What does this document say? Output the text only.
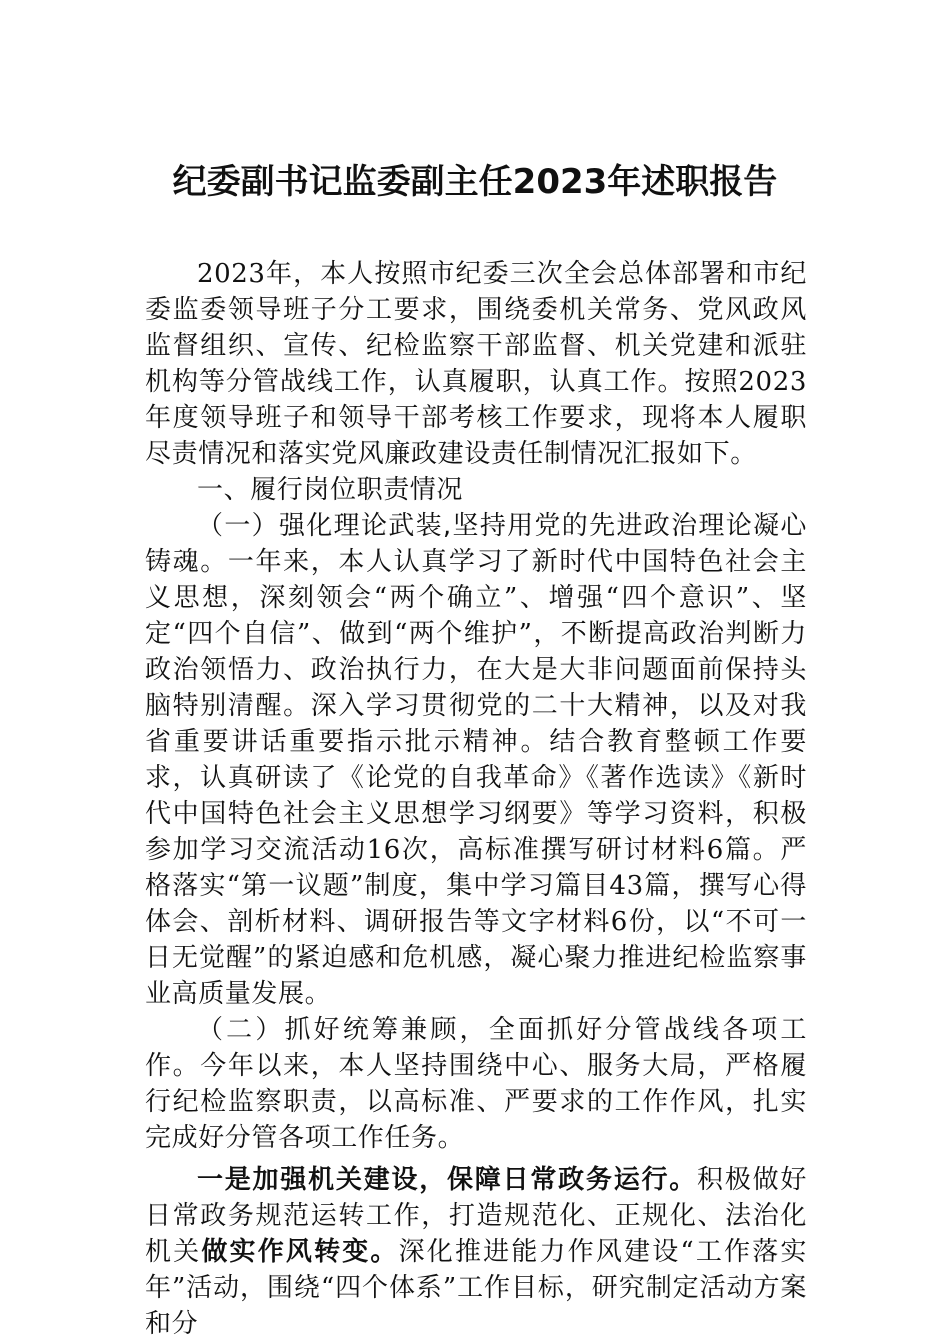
纪委副书记监委副主任2023年述职报告

2023年，本人按照市纪委三次全会总体部署和市纪委监委领导班子分工要求，围绕委机关常务、党风政风监督组织、宣传、纪检监察干部监督、机关党建和派驻机构等分管战线工作，认真履职，认真工作。按照2023年度领导班子和领导干部考核工作要求，现将本人履职尽责情况和落实党风廉政建设责任制情况汇报如下。

一、履行岗位职责情况

（一）强化理论武装,坚持用党的先进政治理论凝心铸魂。一年来，本人认真学习了新时代中国特色社会主义思想，深刻领会“两个确立”、增强“四个意识”、坚定“四个自信”、做到“两个维护”，不断提高政治判断力政治领悟力、政治执行力，在大是大非问题面前保持头脑特别清醒。深入学习贯彻党的二十大精神，以及对我省重要讲话重要指示批示精神。结合教育整顿工作要求，认真研读了《论党的自我革命》《著作选读》《新时代中国特色社会主义思想学习纲要》等学习资料，积极参加学习交流活动16次，高标准撰写研讨材料6篇。严格落实“第一议题”制度，集中学习篇目43篇，撰写心得体会、剖析材料、调研报告等文字材料6份，以“不可一日无觉醒”的紧迫感和危机感，凝心聚力推进纪检监察事业高质量发展。

（二）抓好统筹兼顾，全面抓好分管战线各项工作。今年以来，本人坚持围绕中心、服务大局，严格履行纪检监察职责，以高标准、严要求的工作作风，扎实完成好分管各项工作任务。

一是加强机关建设，保障日常政务运行。积极做好日常政务规范运转工作，打造规范化、正规化、法治化机关做实作风转变。深化推进能力作风建设“工作落实年”活动，围绕“四个体系”工作目标，研究制定活动方案和分
